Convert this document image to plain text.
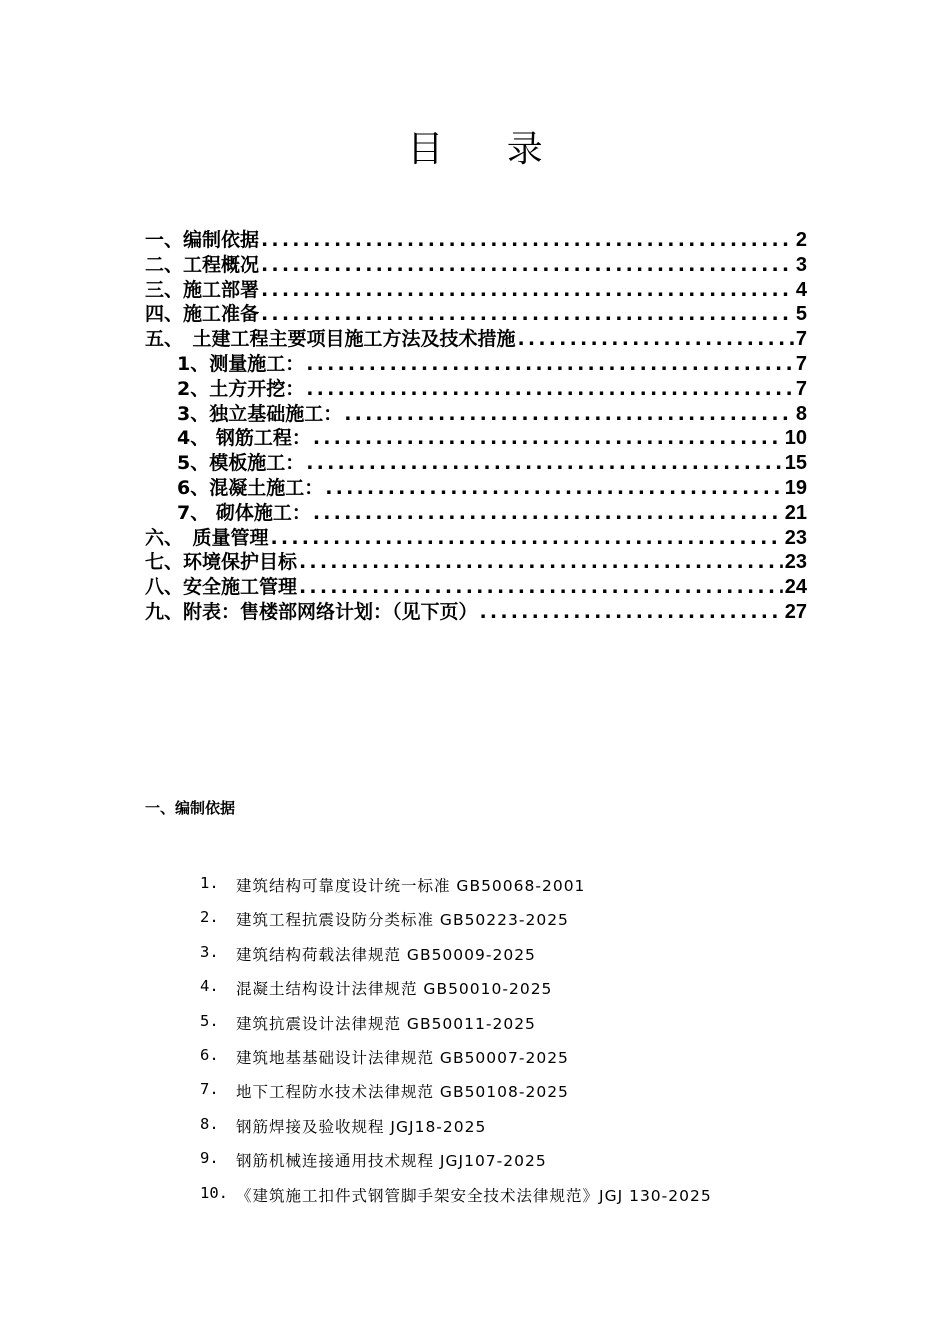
目 录
一、编制依据 .....	2
二、工程概况 .....	3
三、施工部署 .....	4
四、施工准备 .....	5
五、　土建工程主要项目施工方法及技术措施 .....	7
1、测量施工： .....	7
2、土方开挖： .....	7
3、独立基础施工： .....	8
4、 钢筋工程： .....	10
5、模板施工： .....	15
6、混凝土施工： .....	19
7、 砌体施工： .....	21
六、　质量管理 .....	23
七、环境保护目标 .....	23
八、安全施工管理 .....	24
九、附表：售楼部网络计划：（见下页） .....	27
一、编制依据
1.	建筑结构可靠度设计统一标准 GB50068-2001
2.	建筑工程抗震设防分类标准 GB50223-2025
3.	建筑结构荷载法律规范 GB50009-2025
4.	混凝土结构设计法律规范 GB50010-2025
5.	建筑抗震设计法律规范 GB50011-2025
6.	建筑地基基础设计法律规范 GB50007-2025
7.	地下工程防水技术法律规范 GB50108-2025
8.	钢筋焊接及验收规程 JGJ18-2025
9.	钢筋机械连接通用技术规程 JGJ107-2025
10. 《建筑施工扣件式钢管脚手架安全技术法律规范》JGJ 130-2025
